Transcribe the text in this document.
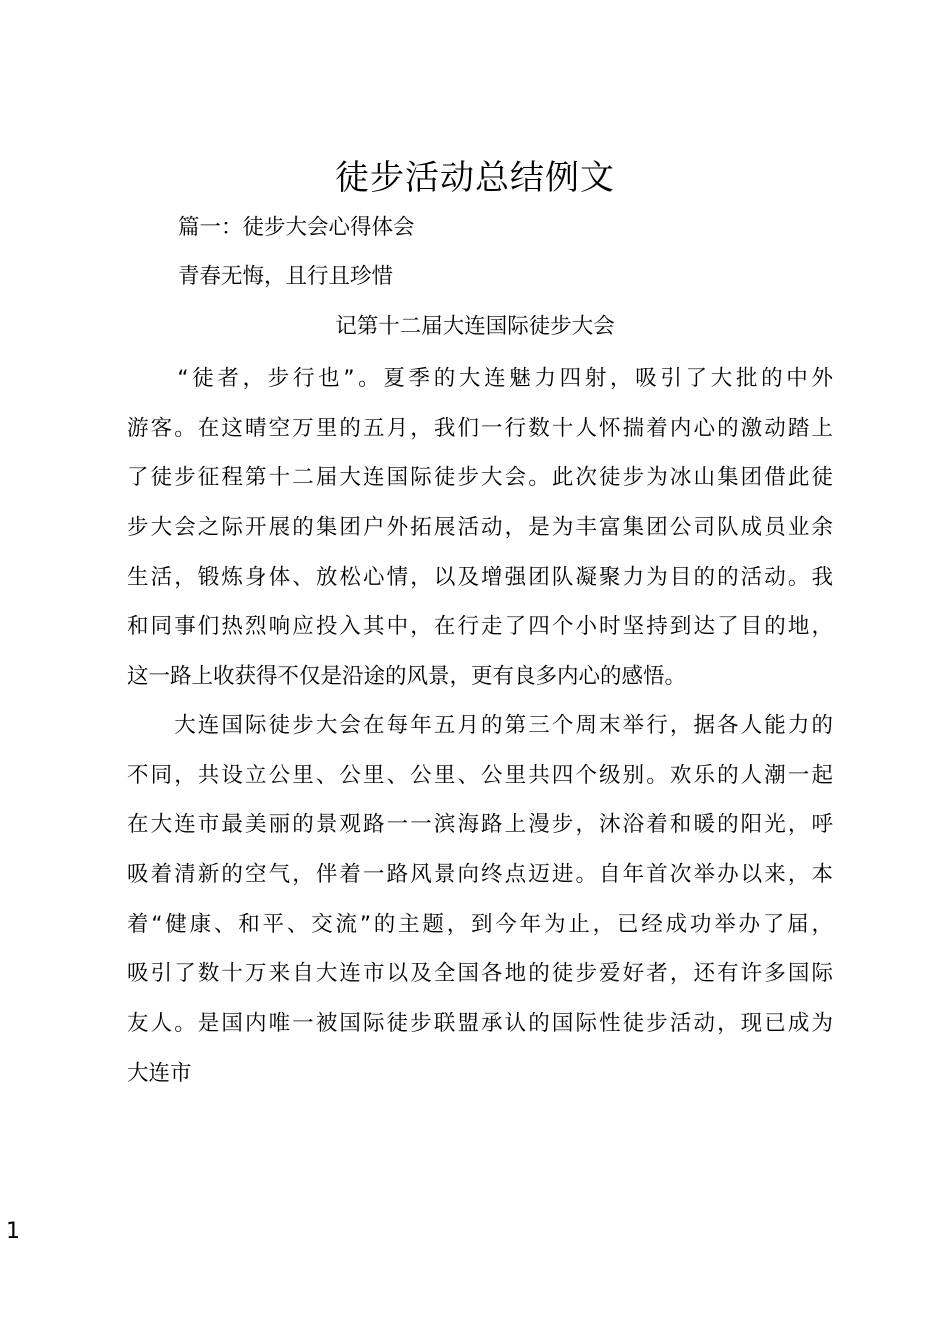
徒步活动总结例文
篇一：徒步大会心得体会
青春无悔，且行且珍惜
记第十二届大连国际徒步大会
　　“徒者，步行也”。夏季的大连魅力四射，吸引了大批的中外
游客。在这晴空万里的五月，我们一行数十人怀揣着内心的激动踏上
了徒步征程第十二届大连国际徒步大会。此次徒步为冰山集团借此徒
步大会之际开展的集团户外拓展活动，是为丰富集团公司队成员业余
生活，锻炼身体、放松心情，以及增强团队凝聚力为目的的活动。我
和同事们热烈响应投入其中，在行走了四个小时坚持到达了目的地，
这一路上收获得不仅是沿途的风景，更有良多内心的感悟。
　　大连国际徒步大会在每年五月的第三个周末举行，据各人能力的
不同，共设立公里、公里、公里、公里共四个级别。欢乐的人潮一起
在大连市最美丽的景观路一一滨海路上漫步，沐浴着和暖的阳光，呼
吸着清新的空气，伴着一路风景向终点迈进。自年首次举办以来，本
着“健康、和平、交流”的主题，到今年为止，已经成功举办了届，
吸引了数十万来自大连市以及全国各地的徒步爱好者，还有许多国际
友人。是国内唯一被国际徒步联盟承认的国际性徒步活动，现已成为
大连市
1
